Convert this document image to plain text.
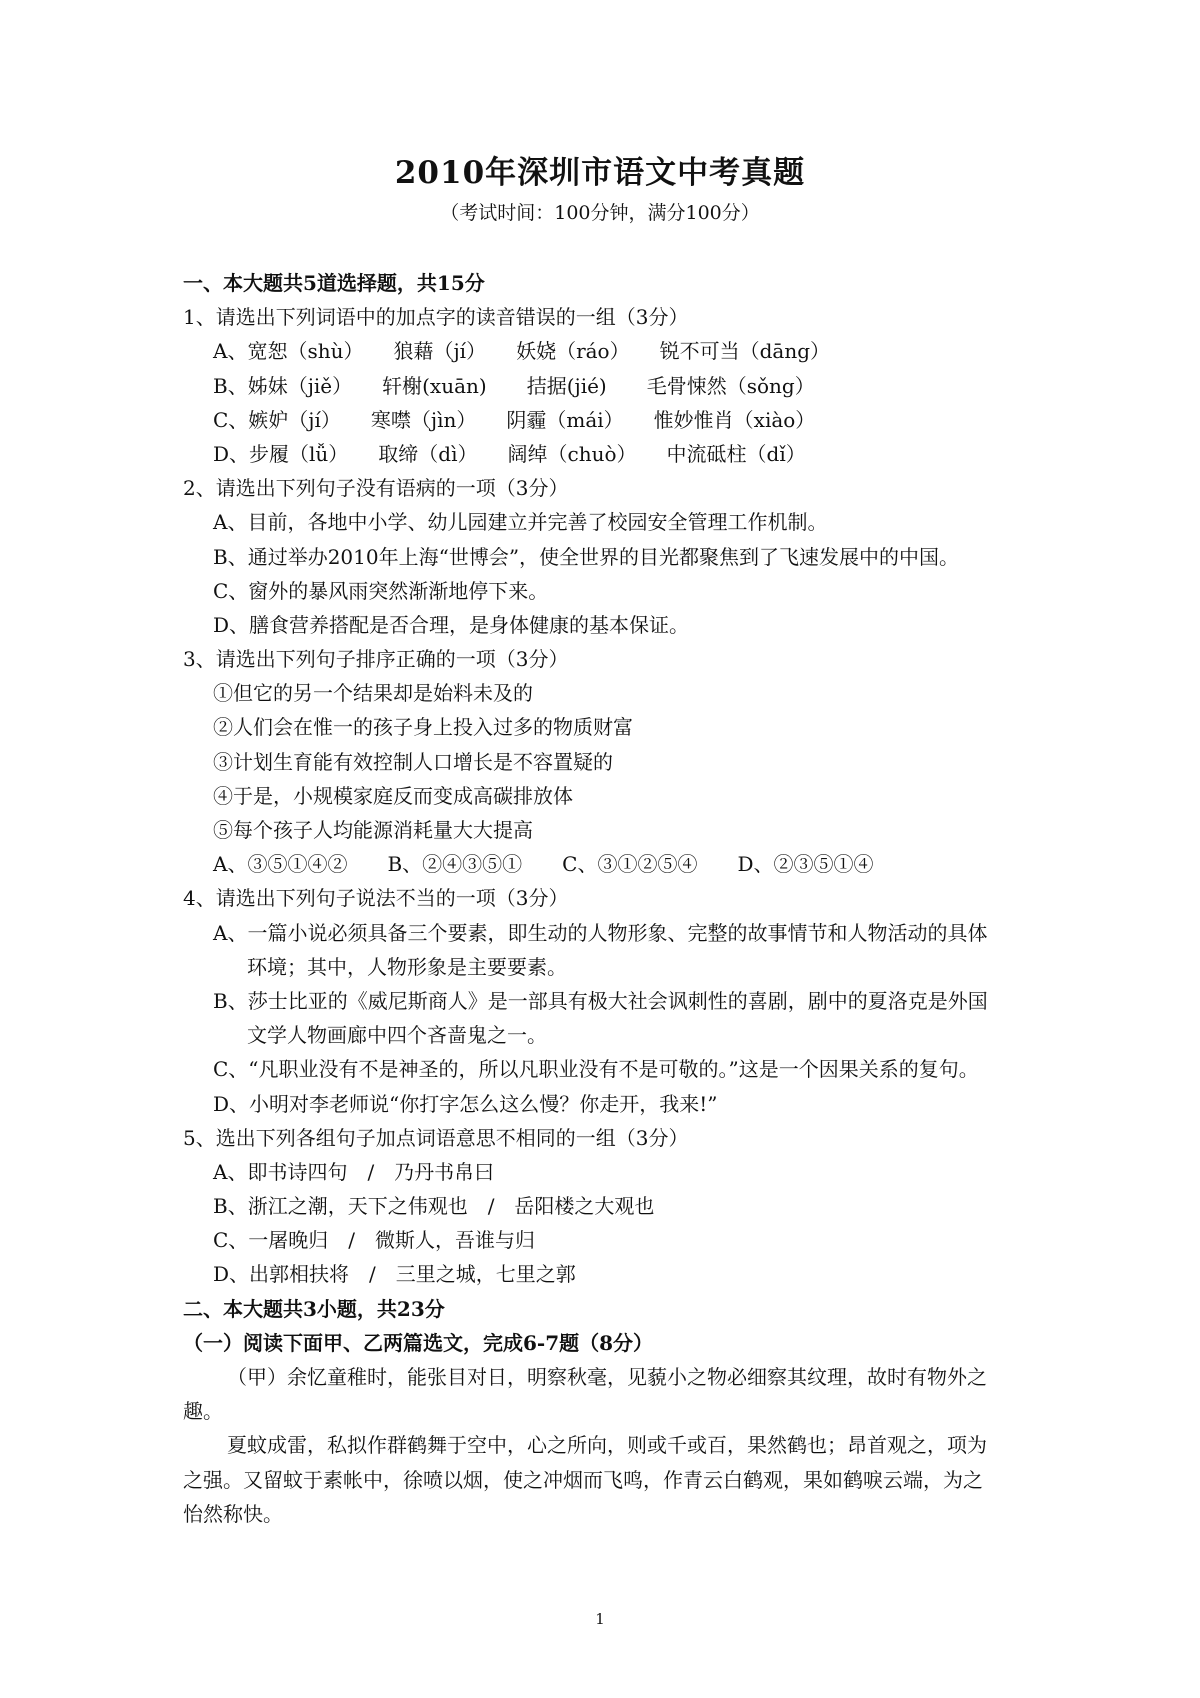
2010年深圳市语文中考真题
（考试时间：100分钟，满分100分）
一、本大题共5道选择题，共15分
1、请选出下列词语中的加点字的读音错误的一组（3分）
A、宽恕（shù）　　狼藉（jí）　　妖娆（ráo）　　锐不可当（dāng）
B、姊妹（jiě）　　轩榭(xuān)　　拮据(jié)　　毛骨悚然（sǒng）
C、嫉妒（jí）　　寒噤（jìn）　　阴霾（mái）　　惟妙惟肖（xiào）
D、步履（lǚ）　　取缔（dì）　　阔绰（chuò）　　中流砥柱（dǐ）
2、请选出下列句子没有语病的一项（3分）
A、目前，各地中小学、幼儿园建立并完善了校园安全管理工作机制。
B、通过举办2010年上海“世博会”，使全世界的目光都聚焦到了飞速发展中的中国。
C、窗外的暴风雨突然渐渐地停下来。
D、膳食营养搭配是否合理，是身体健康的基本保证。
3、请选出下列句子排序正确的一项（3分）
①但它的另一个结果却是始料未及的
②人们会在惟一的孩子身上投入过多的物质财富
③计划生育能有效控制人口增长是不容置疑的
④于是，小规模家庭反而变成高碳排放体
⑤每个孩子人均能源消耗量大大提高
A、③⑤①④②　　B、②④③⑤①　　C、③①②⑤④　　D、②③⑤①④
4、请选出下列句子说法不当的一项（3分）
A、一篇小说必须具备三个要素，即生动的人物形象、完整的故事情节和人物活动的具体
环境；其中，人物形象是主要要素。
B、莎士比亚的《威尼斯商人》是一部具有极大社会讽刺性的喜剧，剧中的夏洛克是外国
文学人物画廊中四个吝啬鬼之一。
C、“凡职业没有不是神圣的，所以凡职业没有不是可敬的。”这是一个因果关系的复句。
D、小明对李老师说“你打字怎么这么慢？你走开，我来!”
5、选出下列各组句子加点词语意思不相同的一组（3分）
A、即书诗四句　/　乃丹书帛曰
B、浙江之潮，天下之伟观也　/　岳阳楼之大观也
C、一屠晚归　/　微斯人，吾谁与归
D、出郭相扶将　/　三里之城，七里之郭
二、本大题共3小题，共23分
（一）阅读下面甲、乙两篇选文，完成6-7题（8分）
（甲）余忆童稚时，能张目对日，明察秋毫，见藐小之物必细察其纹理，故时有物外之
趣。
夏蚊成雷，私拟作群鹤舞于空中，心之所向，则或千或百，果然鹤也；昂首观之，项为
之强。又留蚊于素帐中，徐喷以烟，使之冲烟而飞鸣，作青云白鹤观，果如鹤唳云端，为之
怡然称快。
1
